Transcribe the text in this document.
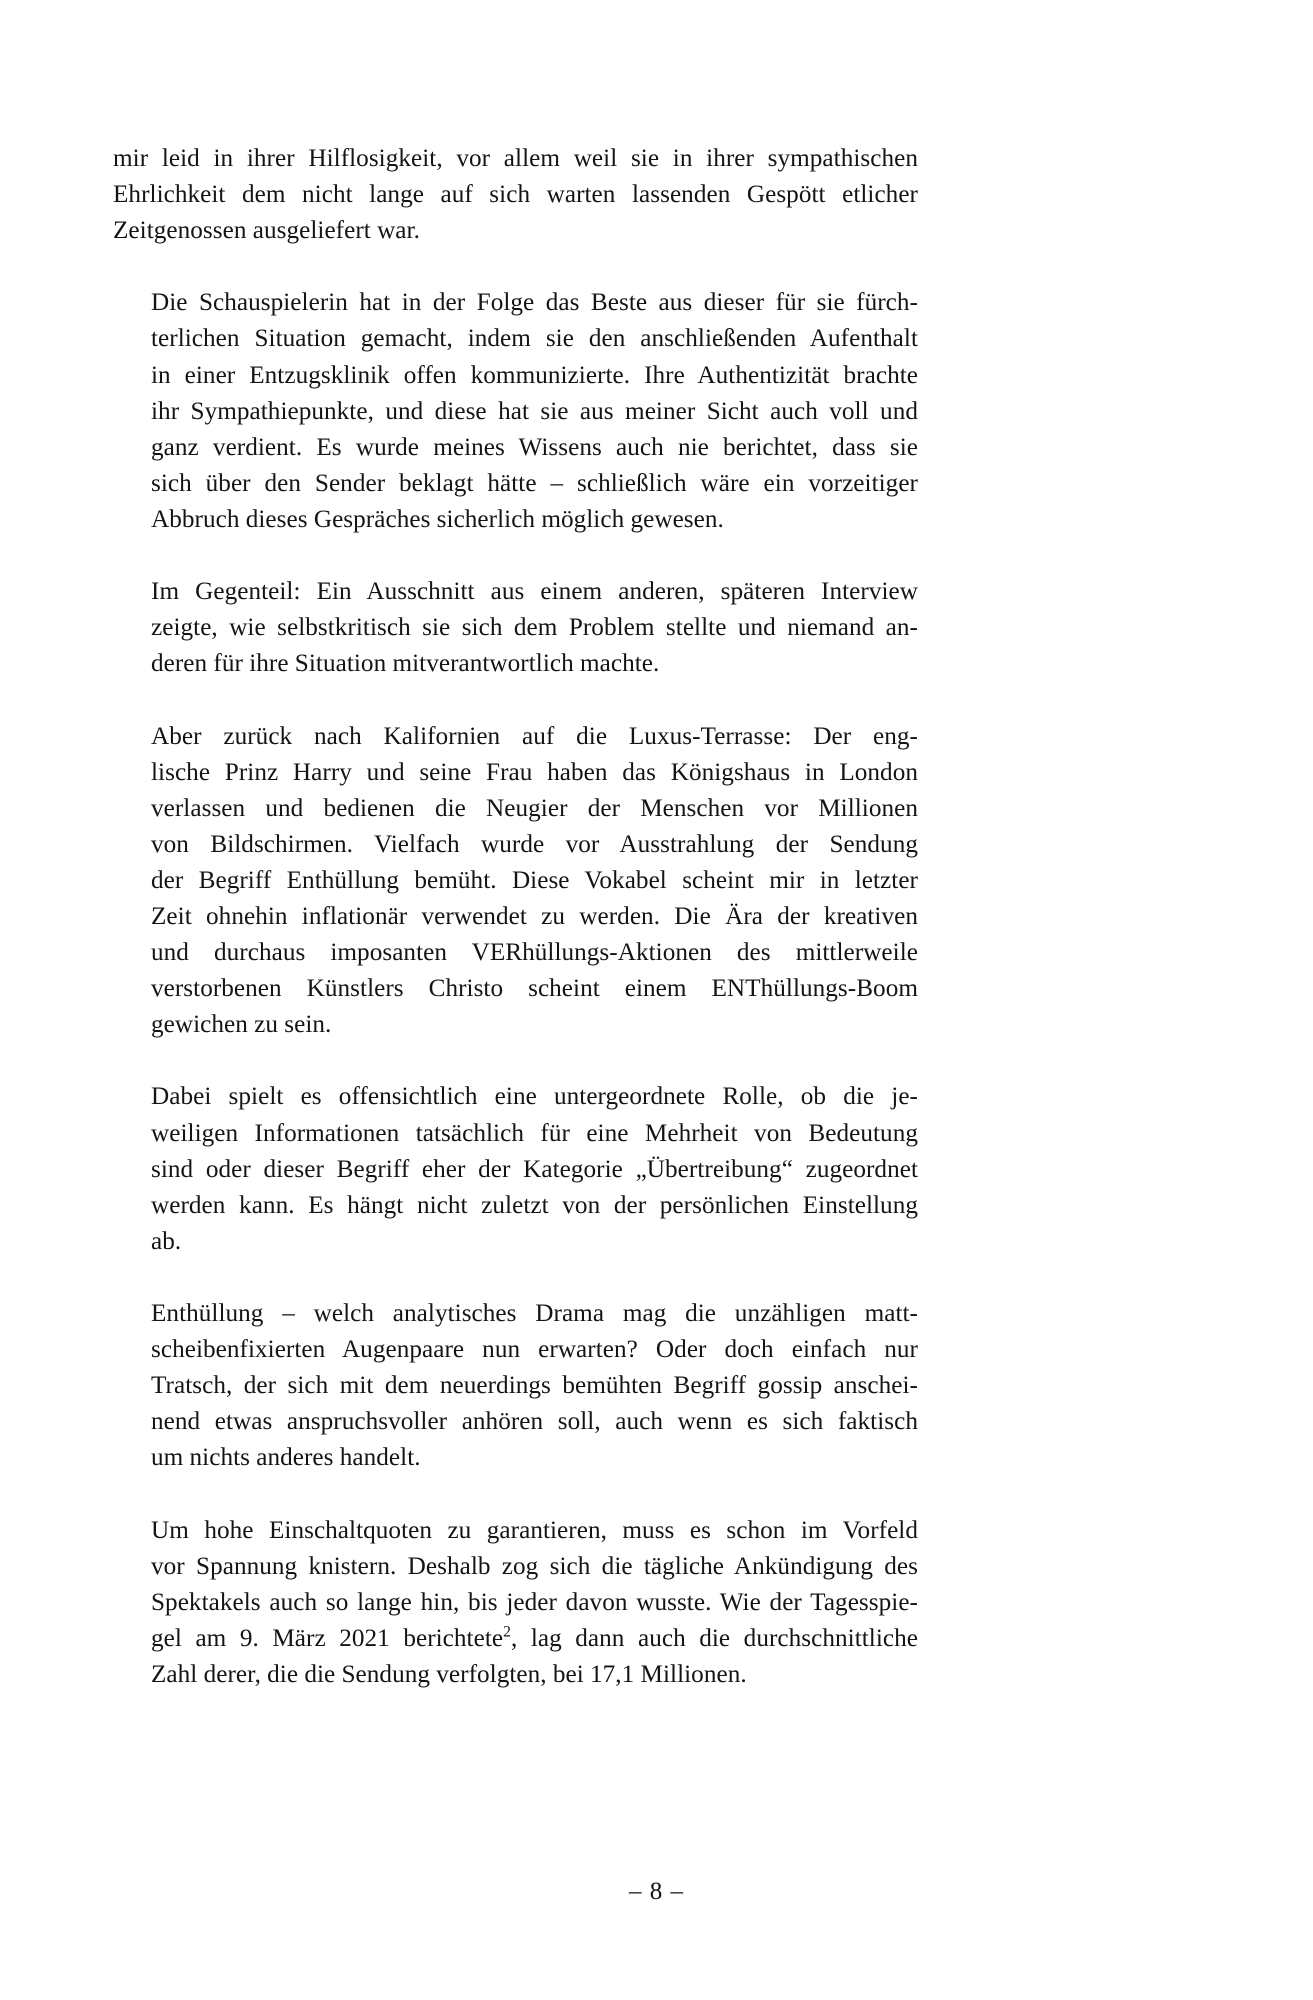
mir leid in ihrer Hilflosigkeit, vor allem weil sie in ihrer sympathischen
Ehrlichkeit dem nicht lange auf sich warten lassenden Gespött etlicher
Zeitgenossen ausgeliefert war.

Die Schauspielerin hat in der Folge das Beste aus dieser für sie fürch-
terlichen Situation gemacht, indem sie den anschließenden Aufenthalt
in einer Entzugsklinik offen kommunizierte. Ihre Authentizität brachte
ihr Sympathiepunkte, und diese hat sie aus meiner Sicht auch voll und
ganz verdient. Es wurde meines Wissens auch nie berichtet, dass sie
sich über den Sender beklagt hätte – schließlich wäre ein vorzeitiger
Abbruch dieses Gespräches sicherlich möglich gewesen.

Im Gegenteil: Ein Ausschnitt aus einem anderen, späteren Interview
zeigte, wie selbstkritisch sie sich dem Problem stellte und niemand an-
deren für ihre Situation mitverantwortlich machte.

Aber zurück nach Kalifornien auf die Luxus-Terrasse: Der eng-
lische Prinz Harry und seine Frau haben das Königshaus in London
verlassen und bedienen die Neugier der Menschen vor Millionen
von Bildschirmen. Vielfach wurde vor Ausstrahlung der Sendung
der Begriff Enthüllung bemüht. Diese Vokabel scheint mir in letzter
Zeit ohnehin inflationär verwendet zu werden. Die Ära der kreativen
und durchaus imposanten VERhüllungs-Aktionen des mittlerweile
verstorbenen Künstlers Christo scheint einem ENThüllungs-Boom
gewichen zu sein.

Dabei spielt es offensichtlich eine untergeordnete Rolle, ob die je-
weiligen Informationen tatsächlich für eine Mehrheit von Bedeutung
sind oder dieser Begriff eher der Kategorie „Übertreibung“ zugeordnet
werden kann. Es hängt nicht zuletzt von der persönlichen Einstellung
ab.

Enthüllung – welch analytisches Drama mag die unzähligen matt-
scheibenfixierten Augenpaare nun erwarten? Oder doch einfach nur
Tratsch, der sich mit dem neuerdings bemühten Begriff gossip anschei-
nend etwas anspruchsvoller anhören soll, auch wenn es sich faktisch
um nichts anderes handelt.

Um hohe Einschaltquoten zu garantieren, muss es schon im Vorfeld
vor Spannung knistern. Deshalb zog sich die tägliche Ankündigung des
Spektakels auch so lange hin, bis jeder davon wusste. Wie der Tagesspie-
gel am 9. März 2021 berichtete$^2$, lag dann auch die durchschnittliche
Zahl derer, die die Sendung verfolgten, bei 17,1 Millionen.

– 8 –
